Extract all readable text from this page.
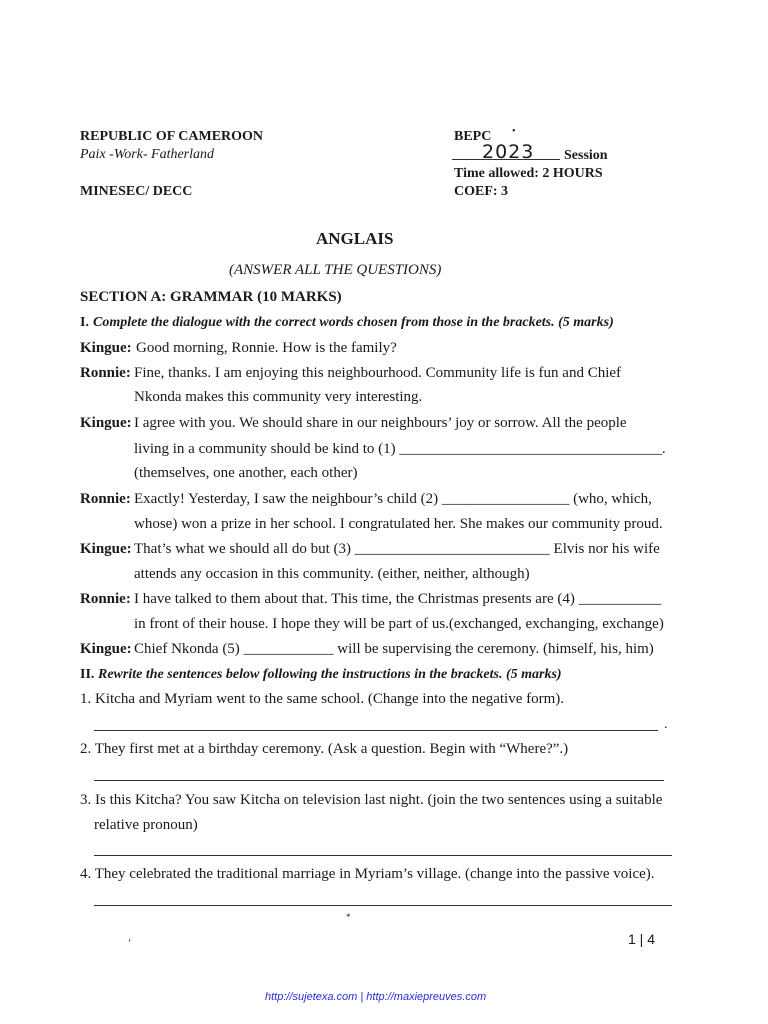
REPUBLIC OF CAMEROON
Paix -Work- Fatherland
MINESEC/ DECC
BEPC •
2023 Session
Time allowed: 2 HOURS
COEF: 3
ANGLAIS
(ANSWER ALL THE QUESTIONS)
SECTION A: GRAMMAR (10 MARKS)
I. Complete the dialogue with the correct words chosen from those in the brackets. (5 marks)
Kingue: Good morning, Ronnie. How is the family?
Ronnie: Fine, thanks. I am enjoying this neighbourhood. Community life is fun and Chief
Nkonda makes this community very interesting.
Kingue: I agree with you. We should share in our neighbours’ joy or sorrow. All the people
living in a community should be kind to (1) ___________________________________.
(themselves, one another, each other)
Ronnie: Exactly! Yesterday, I saw the neighbour’s child (2) _________________ (who, which,
whose) won a prize in her school. I congratulated her. She makes our community proud.
Kingue: That’s what we should all do but (3) __________________________ Elvis nor his wife
attends any occasion in this community. (either, neither, although)
Ronnie: I have talked to them about that. This time, the Christmas presents are (4) ___________
in front of their house. I hope they will be part of us.(exchanged, exchanging, exchange)
Kingue: Chief Nkonda (5) ____________ will be supervising the ceremony. (himself, his, him)
II. Rewrite the sentences below following the instructions in the brackets. (5 marks)
1. Kitcha and Myriam went to the same school. (Change into the negative form).
.
2. They first met at a birthday ceremony. (Ask a question. Begin with “Where?”.)
3. Is this Kitcha? You saw Kitcha on television last night. (join the two sentences using a suitable
relative pronoun)
4. They celebrated the traditional marriage in Myriam’s village. (change into the passive voice).
*
‘	1 | 4
http://sujetexa.com | http://maxiepreuves.com
